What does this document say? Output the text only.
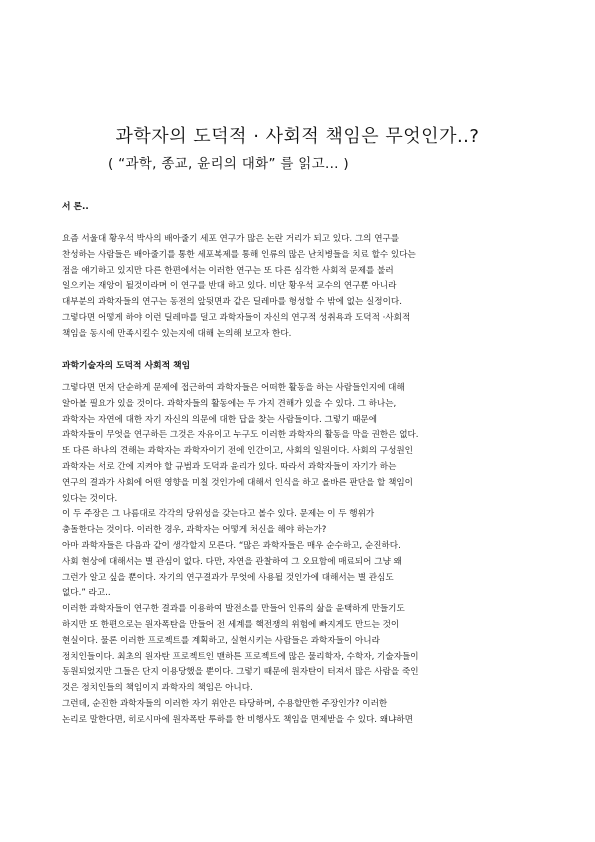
과학자의 도덕적 · 사회적 책임은 무엇인가..?
( “과학, 종교, 윤리의 대화” 를 읽고... )
서 론..
요즘 서울대 황우석 박사의 배아줄기 세포 연구가 많은 논란 거리가 되고 있다. 그의 연구를
찬성하는 사람들은 배아줄기를 통한 세포복제를 통해 인류의 많은 난치병들을 치료 할수 있다는
점을 얘기하고 있지만 다른 한편에서는 이러한 연구는 또 다른 심각한 사회적 문제를 불러
일으키는 재앙이 될것이라며 이 연구를 반대 하고 있다. 비단 황우석 교수의 연구뿐 아니라
대부분의 과학자들의 연구는 동전의 앞뒷면과 같은 딜레마를 형성할 수 밖에 없는 실정이다.
그렇다면 어떻게 하야 이런 딜레마를 덜고 과학자들이 자신의 연구적 성취욕과 도덕적 ·사회적
책임을 동시에 만족시킬수 있는지에 대해 논의해 보고자 한다.
과학기술자의 도덕적 사회적 책임
그렇다면 먼저 단순하게 문제에 접근하여 과학자들은 어떠한 활동을 하는 사람들인지에 대해
알아볼 필요가 있을 것이다. 과학자들의 활동에는 두 가지 견해가 있을 수 있다. 그 하나는,
과학자는 자연에 대한 자기 자신의 의문에 대한 답을 찾는 사람들이다. 그렇기 때문에
과학자들이 무엇을 연구하든 그것은 자유이고 누구도 이러한 과학자의 활동을 막을 권한은 없다.
또 다른 하나의 견해는 과학자는 과학자이기 전에 인간이고, 사회의 일원이다. 사회의 구성원인
과학자는 서로 간에 지켜야 할 규범과 도덕과 윤리가 있다. 따라서 과학자들이 자기가 하는
연구의 결과가 사회에 어떤 영향을 미칠 것인가에 대해서 인식을 하고 올바른 판단을 할 책임이
있다는 것이다.
이 두 주장은 그 나름대로 각각의 당위성을 갖는다고 볼수 있다. 문제는 이 두 행위가
충돌한다는 것이다. 이러한 경우, 과학자는 어떻게 처신을 해야 하는가?
아마 과학자들은 다음과 같이 생각할지 모른다. “많은 과학자들은 매우 순수하고, 순진하다.
사회 현상에 대해서는 별 관심이 없다. 다만, 자연을 관찰하여 그 오묘함에 매료되어 그냥 왜
그런가 알고 싶을 뿐이다. 자기의 연구결과가 무엇에 사용될 것인가에 대해서는 별 관심도
없다.” 라고..
이러한 과학자들이 연구한 결과를 이용하여 발전소를 만들어 인류의 삶을 윤택하게 만들기도
하지만 또 한편으로는 원자폭탄을 만들어 전 세계를 핵전쟁의 위험에 빠지게도 만드는 것이
현실이다. 물론 이러한 프로젝트를 계획하고, 실현시키는 사람들은 과학자들이 아니라
정치인들이다. 최초의 원자탄 프로젝트인 맨하튼 프로젝트에 많은 물리학자, 수학자, 기술자들이
동원되었지만 그들은 단지 이용당했을 뿐이다. 그렇기 때문에 원자탄이 터져서 많은 사람을 죽인
것은 정치인들의 책임이지 과학자의 책임은 아니다.
그런데, 순진한 과학자들의 이러한 자기 위안은 타당하며, 수용할만한 주장인가? 이러한
논리로 말한다면, 히로시마에 원자폭탄 투하를 한 비행사도 책임을 면제받을 수 있다. 왜냐하면
